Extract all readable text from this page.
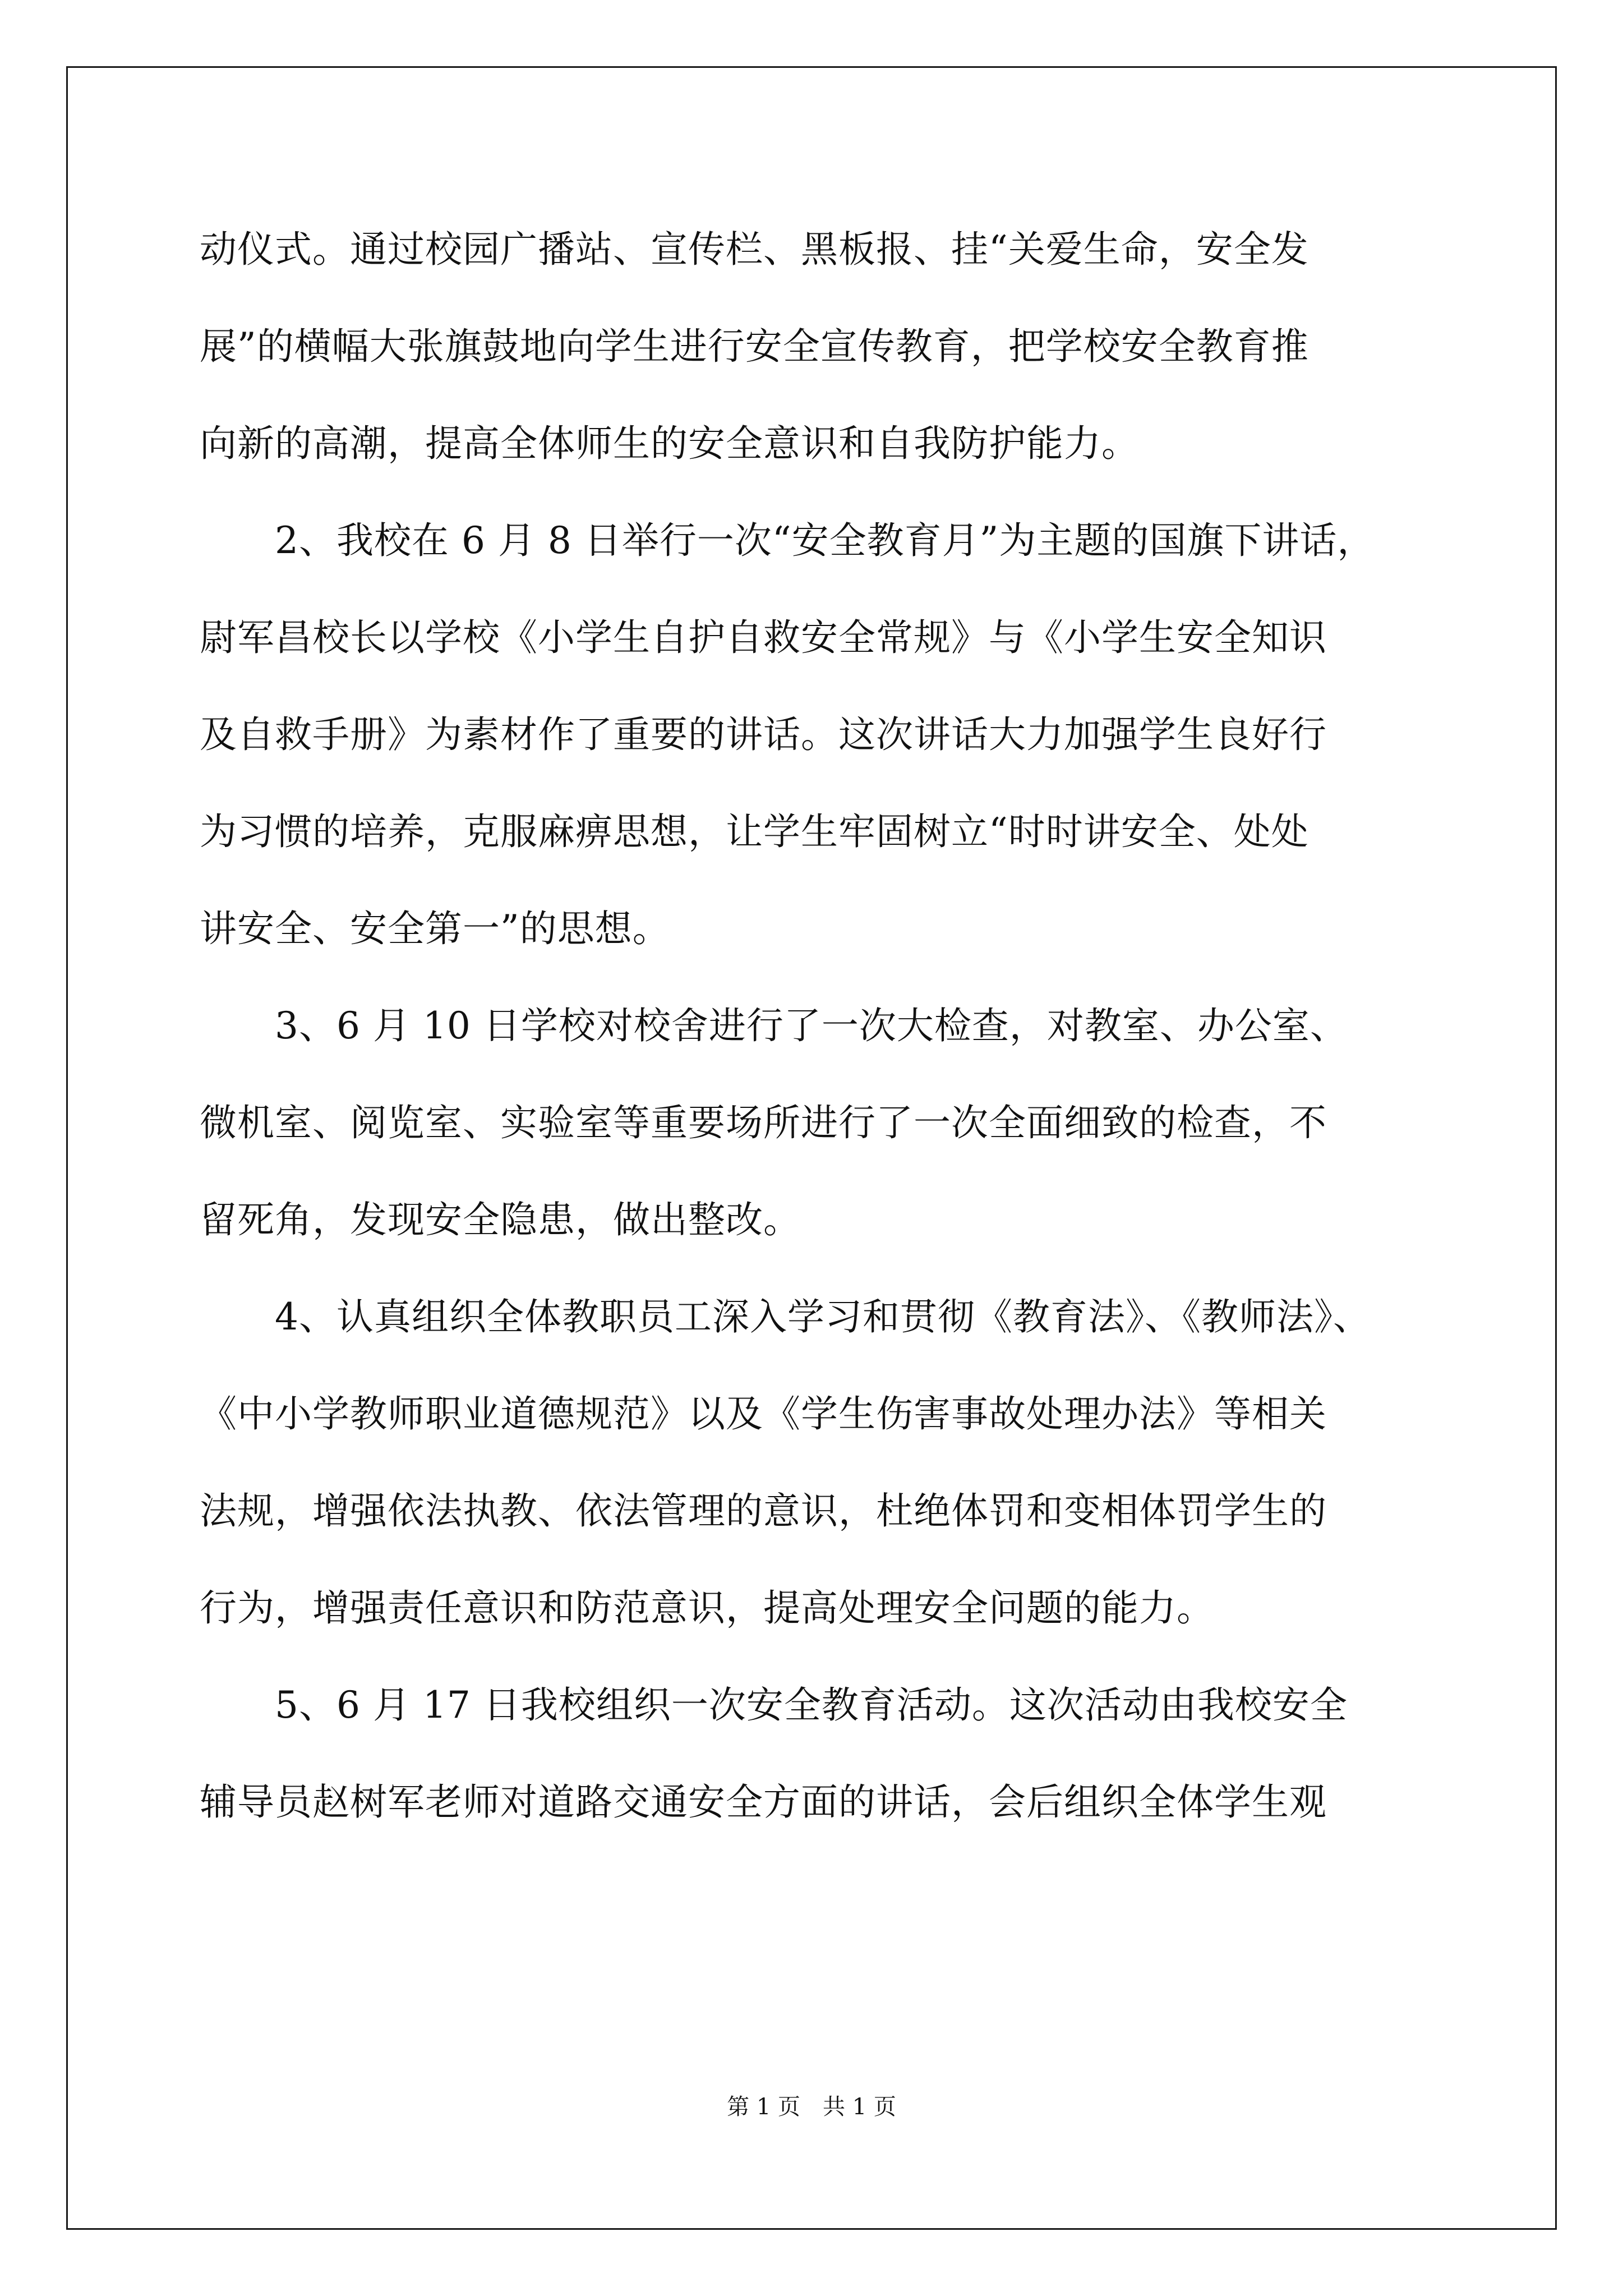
动仪式。通过校园广播站、宣传栏、黑板报、挂“关爱生命，安全发
展”的横幅大张旗鼓地向学生进行安全宣传教育，把学校安全教育推
向新的高潮，提高全体师生的安全意识和自我防护能力。
2、我校在 6 月 8 日举行一次“安全教育月”为主题的国旗下讲话，
尉军昌校长以学校《小学生自护自救安全常规》与《小学生安全知识
及自救手册》为素材作了重要的讲话。这次讲话大力加强学生良好行
为习惯的培养，克服麻痹思想，让学生牢固树立“时时讲安全、处处
讲安全、安全第一”的思想。
3、6 月 10 日学校对校舍进行了一次大检查，对教室、办公室、
微机室、阅览室、实验室等重要场所进行了一次全面细致的检查，不
留死角，发现安全隐患，做出整改。
4、认真组织全体教职员工深入学习和贯彻《教育法》、《教师法》、
《中小学教师职业道德规范》以及《学生伤害事故处理办法》等相关
法规，增强依法执教、依法管理的意识，杜绝体罚和变相体罚学生的
行为，增强责任意识和防范意识，提高处理安全问题的能力。
5、6 月 17 日我校组织一次安全教育活动。这次活动由我校安全
辅导员赵树军老师对道路交通安全方面的讲话，会后组织全体学生观
第 1 页　共 1 页
